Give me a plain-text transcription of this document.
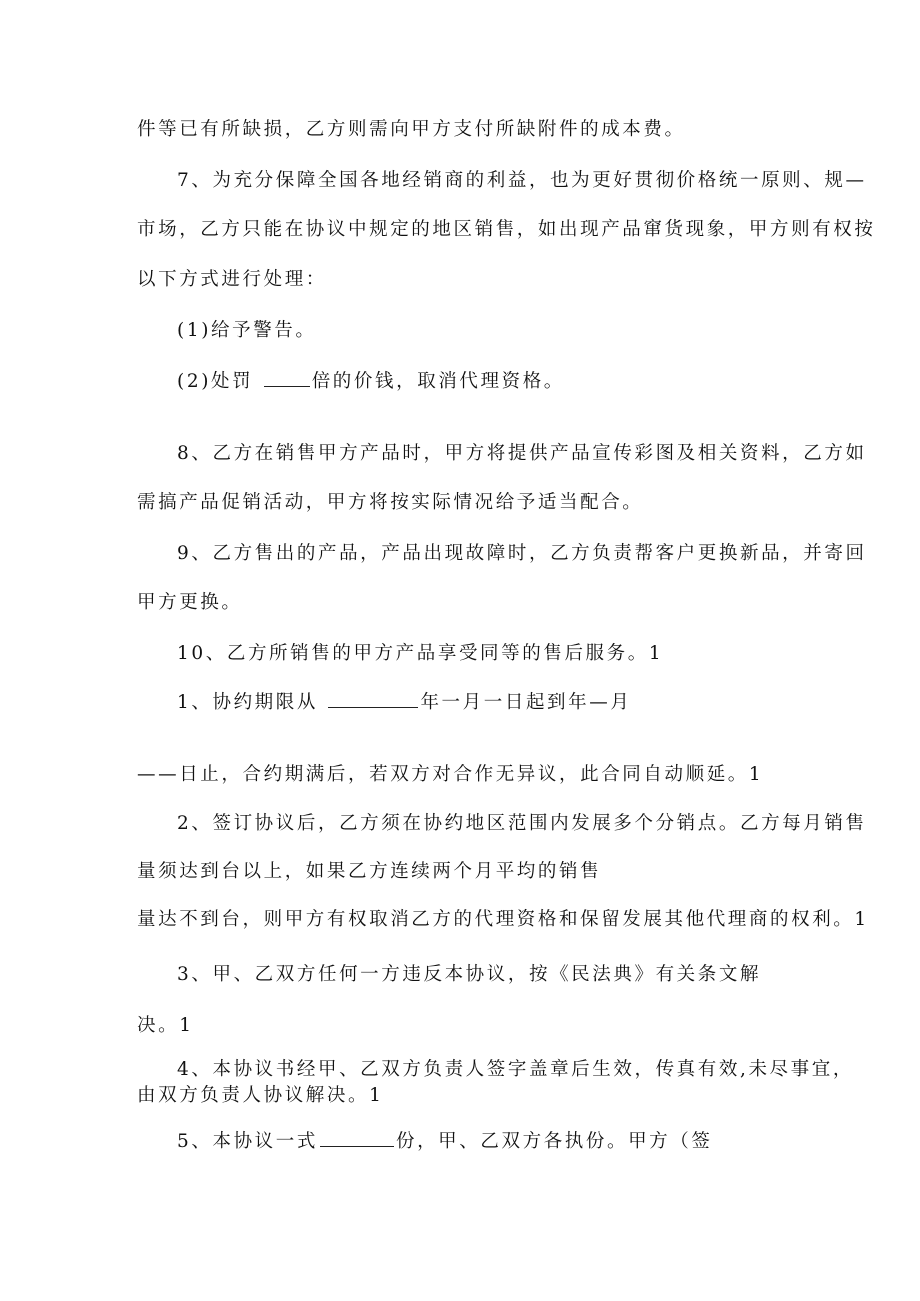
件等已有所缺损，乙方则需向甲方支付所缺附件的成本费。
7、为充分保障全国各地经销商的利益，也为更好贯彻价格统一原则、规—
市场，乙方只能在协议中规定的地区销售，如出现产品窜货现象，甲方则有权按
以下方式进行处理：
(1)给予警告。
(2)处罚	倍的价钱，取消代理资格。
8、乙方在销售甲方产品时，甲方将提供产品宣传彩图及相关资料，乙方如
需搞产品促销活动，甲方将按实际情况给予适当配合。
9、乙方售出的产品，产品出现故障时，乙方负责帮客户更换新品，并寄回
甲方更换。
10、乙方所销售的甲方产品享受同等的售后服务。1
1、协约期限从	年一月一日起到年—月
——日止，合约期满后，若双方对合作无异议，此合同自动顺延。1
2、签订协议后，乙方须在协约地区范围内发展多个分销点。乙方每月销售
量须达到台以上，如果乙方连续两个月平均的销售
量达不到台，则甲方有权取消乙方的代理资格和保留发展其他代理商的权利。1
3、甲、乙双方任何一方违反本协议，按《民法典》有关条文解
决。1
4、本协议书经甲、乙双方负责人签字盖章后生效，传真有效,未尽事宜，
由双方负责人协议解决。1
5、本协议一式	份，甲、乙双方各执份。甲方（签
